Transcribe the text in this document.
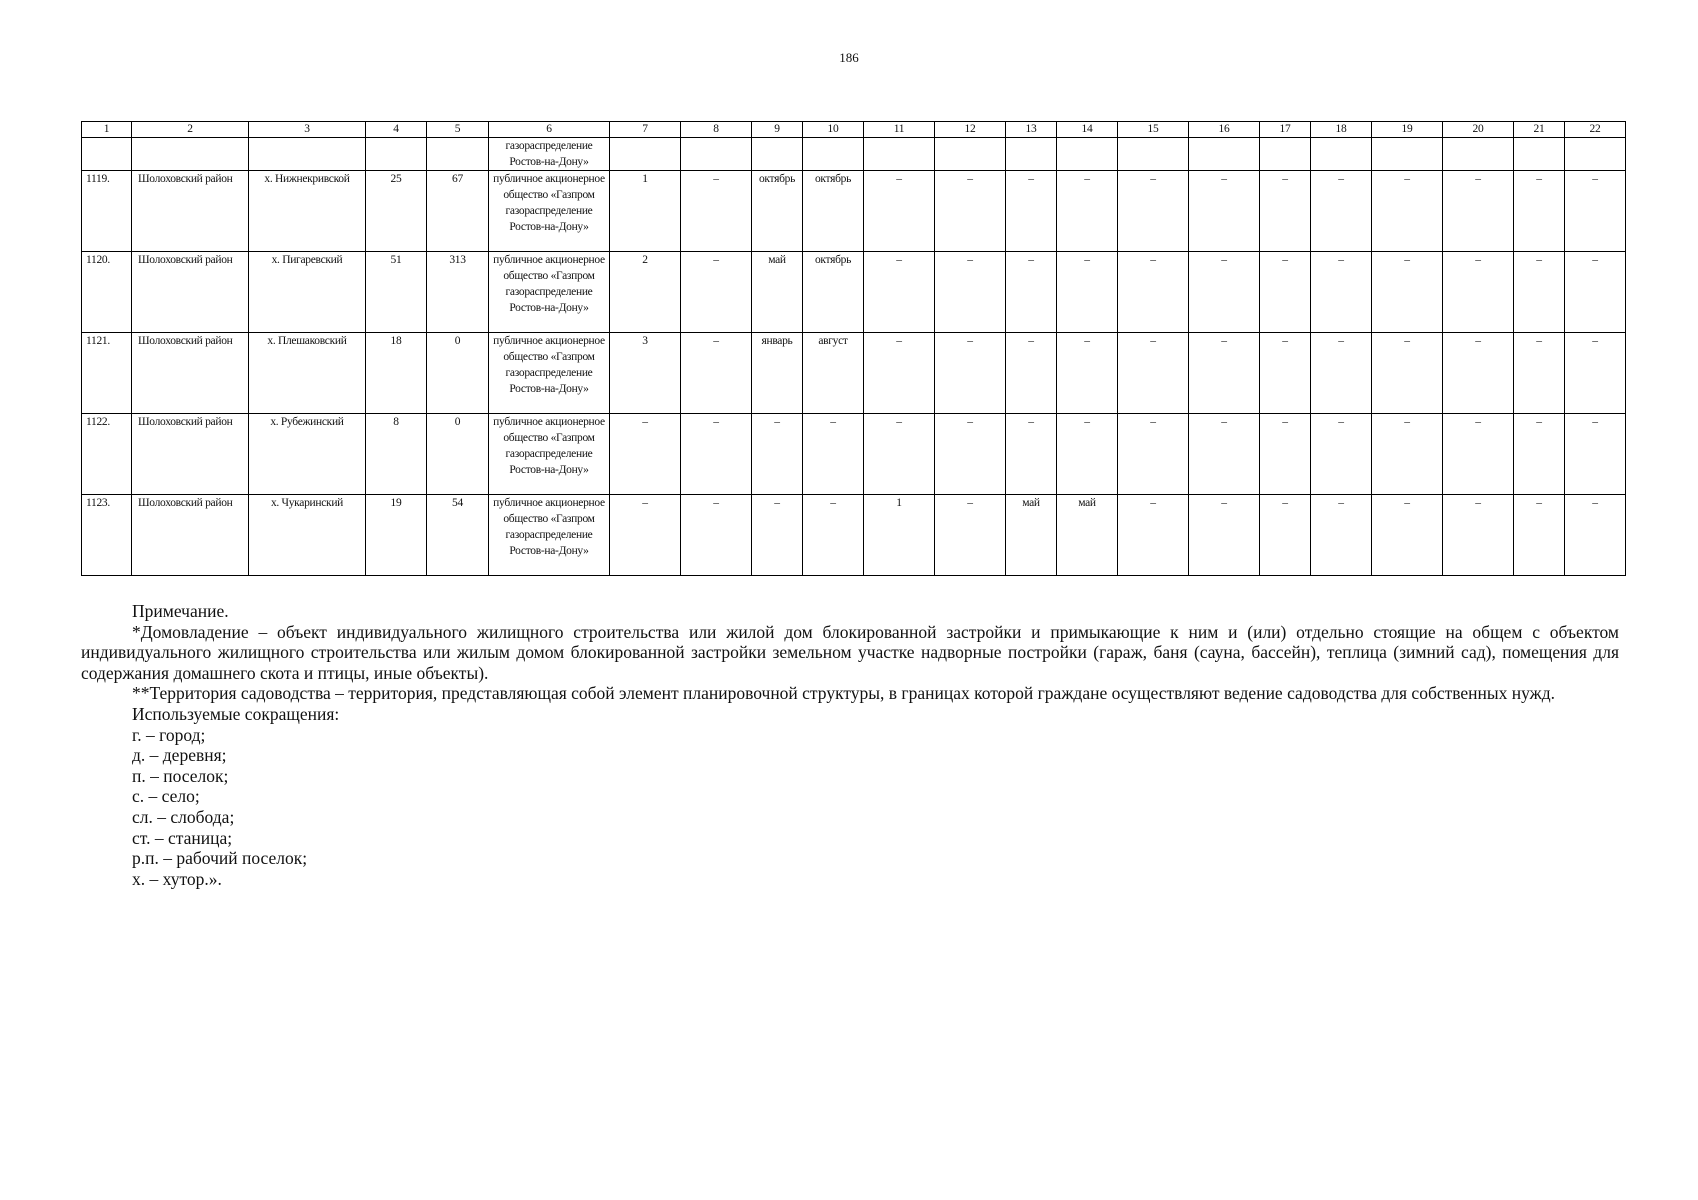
186
1	2	3	4	5	6	7	8	9	10	11	12	13	14	15	16	17	18	19	20	21	22
					газораспределение Ростов-на-Дону»																
1119.	Шолоховский район	х. Нижнекривской	25	67	публичное акционерное общество «Газпром газораспределение Ростов-на-Дону»	1	–	октябрь	октябрь	–	–	–	–	–	–	–	–	–	–	–	–
1120.	Шолоховский район	х. Пигаревский	51	313	публичное акционерное общество «Газпром газораспределение Ростов-на-Дону»	2	–	май	октябрь	–	–	–	–	–	–	–	–	–	–	–	–
1121.	Шолоховский район	х. Плешаковский	18	0	публичное акционерное общество «Газпром газораспределение Ростов-на-Дону»	3	–	январь	август	–	–	–	–	–	–	–	–	–	–	–	–
1122.	Шолоховский район	х. Рубежинский	8	0	публичное акционерное общество «Газпром газораспределение Ростов-на-Дону»	–	–	–	–	–	–	–	–	–	–	–	–	–	–	–	–
1123.	Шолоховский район	х. Чукаринский	19	54	публичное акционерное общество «Газпром газораспределение Ростов-на-Дону»	–	–	–	–	1	–	май	май	–	–	–	–	–	–	–	–

Примечание.

*Домовладение – объект индивидуального жилищного строительства или жилой дом блокированной застройки и примыкающие к ним и (или) отдельно стоящие на общем с объектом индивидуального жилищного строительства или жилым домом блокированной застройки земельном участке надворные постройки (гараж, баня (сауна, бассейн), теплица (зимний сад), помещения для содержания домашнего скота и птицы, иные объекты).

**Территория садоводства – территория, представляющая собой элемент планировочной структуры, в границах которой граждане осуществляют ведение садоводства для собственных нужд.

Используемые сокращения:
г. – город;
д. – деревня;
п. – поселок;
с. – село;
сл. – слобода;
ст. – станица;
р.п. – рабочий поселок;
х. – хутор.».
